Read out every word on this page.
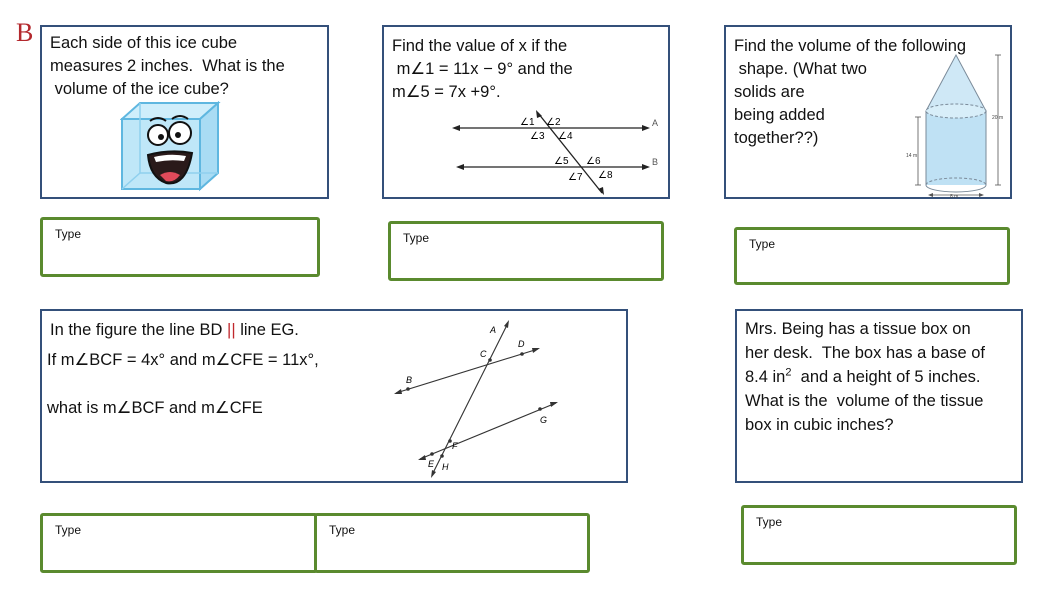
B Each side of this ice cube
measures 2 inches.  What is the
volume of the ice cube?
Find the value of x if the
m∠1 = 11x − 9° and the
m∠5 = 7x +9°.
A
B
∠1 ∠2
∠3 ∠4
∠5 ∠6
∠7 ∠8
Find the volume of the following
shape. (What two
solids are
being added
together??)
14 m
20 m
8 m
Type
Type
Type
In the figure the line BD || line EG.
If m∠BCF = 4x° and m∠CFE = 11x°,
what is m∠BCF and m∠CFE
A
D
C
B
G
F
E H
Mrs. Being has a tissue box on
her desk.  The box has a base of
8.4 $in^2$  and a height of 5 inches.
What is the  volume of the tissue
box in cubic inches?
Type
Type
Type
